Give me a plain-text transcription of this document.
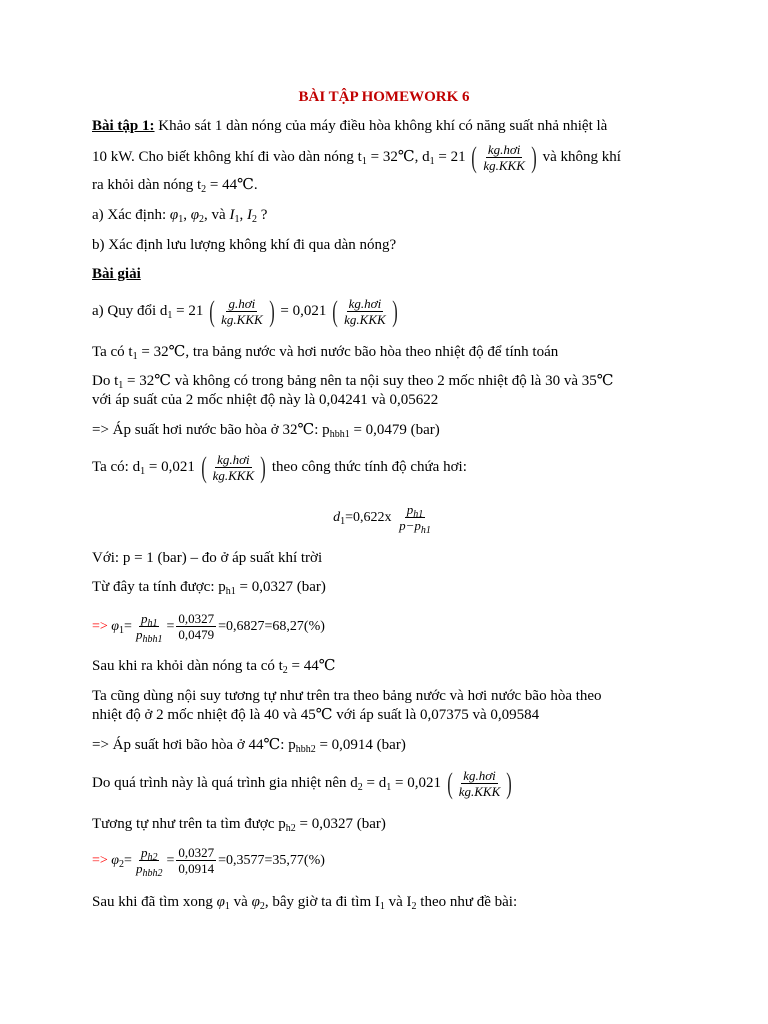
BÀI TẬP HOMEWORK 6
Bài tập 1: Khảo sát 1 dàn nóng của máy điều hòa không khí có năng suất nhả nhiệt là
10 kW. Cho biết không khí đi vào dàn nóng $t_1$ = 32℃, $d_1 = 21$ ( $\frac{\text{kg.hơi}}{\text{kg.KKK}}$ ) và không khí
ra khỏi dàn nóng $t_2$ = 44℃.
a) Xác định: $\varphi_1$, $\varphi_2$, và $I_1$, $I_2$ ?
b) Xác định lưu lượng không khí đi qua dàn nóng?
Bài giải
a) Quy đổi $d_1 = 21$ ( $\frac{\text{g.hơi}}{\text{kg.KKK}}$ ) = 0,021 ( $\frac{\text{kg.hơi}}{\text{kg.KKK}}$ )
Ta có $t_1$ = 32℃, tra bảng nước và hơi nước bão hòa theo nhiệt độ để tính toán
Do $t_1$ = 32℃ và không có trong bảng nên ta nội suy theo 2 mốc nhiệt độ là 30 và 35℃
với áp suất của 2 mốc nhiệt độ này là 0,04241 và 0,05622
=> Áp suất hơi nước bão hòa ở 32℃: $p_{hbh1} = 0,0479$ (bar)
Ta có: $d_1 = 0,021$ ( $\frac{\text{kg.hơi}}{\text{kg.KKK}}$ ) theo công thức tính độ chứa hơi:
$d_1=0,622x \frac{p_{h1}}{p-p_{h1}}$
Với: p = 1 (bar) – đo ở áp suất khí trời
Từ đây ta tính được: $p_{h1} = 0,0327$ (bar)
=> $\varphi_1= \frac{p_{h1}}{p_{hbh1}} = \frac{0,0327}{0,0479} =0,6827=68,27(\%)$
Sau khi ra khỏi dàn nóng ta có $t_2$ = 44℃
Ta cũng dùng nội suy tương tự như trên tra theo bảng nước và hơi nước bão hòa theo
nhiệt độ ở 2 mốc nhiệt độ là 40 và 45℃ với áp suất là 0,07375 và 0,09584
=> Áp suất hơi bão hòa ở 44℃: $p_{hbh2} = 0,0914$ (bar)
Do quá trình này là quá trình gia nhiệt nên $d_2 = d_1 = 0,021$ ( $\frac{\text{kg.hơi}}{\text{kg.KKK}}$ )
Tương tự như trên ta tìm được $p_{h2} = 0,0327$ (bar)
=> $\varphi_2= \frac{p_{h2}}{p_{hbh2}} = \frac{0,0327}{0,0914} =0,3577=35,77(\%)$
Sau khi đã tìm xong $\varphi_1$ và $\varphi_2$, bây giờ ta đi tìm $I_1$ và $I_2$ theo như đề bài:
